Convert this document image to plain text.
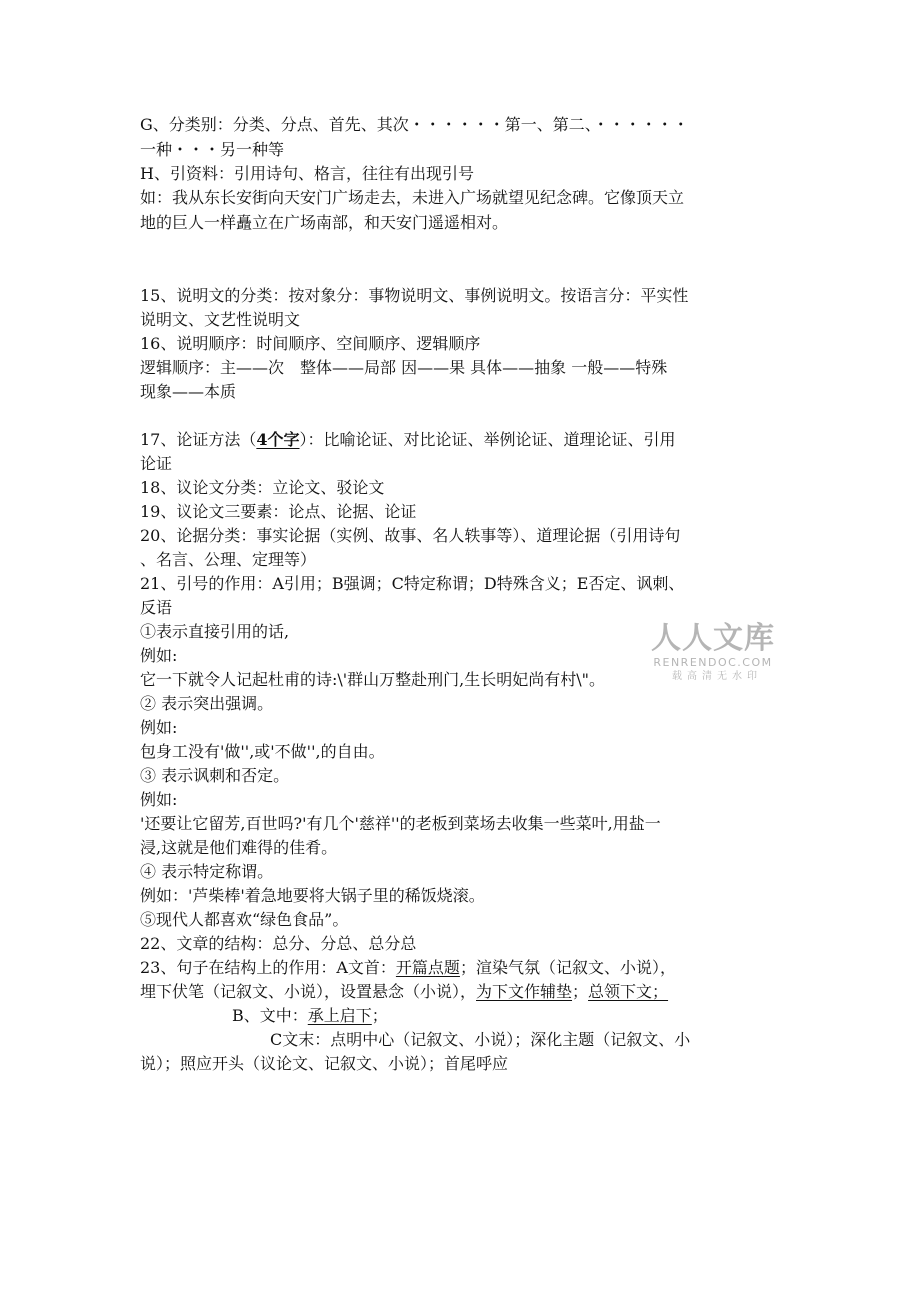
G、分类别：分类、分点、首先、其次・・・・・・第一、第二、・・・・・・
一种・・・另一种等
H、引资料：引用诗句、格言，往往有出现引号
如：我从东长安街向天安门广场走去，未进入广场就望见纪念碑。它像顶天立
地的巨人一样矗立在广场南部，和天安门遥遥相对。
15、说明文的分类：按对象分：事物说明文、事例说明文。按语言分：平实性
说明文、文艺性说明文
16、说明顺序：时间顺序、空间顺序、逻辑顺序
逻辑顺序：主——次　整体——局部 因——果 具体——抽象 一般——特殊
现象——本质
17、论证方法（4个字）：比喻论证、对比论证、举例论证、道理论证、引用
论证
18、议论文分类：立论文、驳论文
19、议论文三要素：论点、论据、论证
20、论据分类：事实论据（实例、故事、名人轶事等）、道理论据（引用诗句
、名言、公理、定理等）
21、引号的作用：A引用；B强调；C特定称谓；D特殊含义；E否定、讽刺、
反语
①表示直接引用的话,
例如:
它一下就令人记起杜甫的诗:\'群山万整赴刑门,生长明妃尚有村\"。
② 表示突出强调。
例如:
包身工没有'做'',或'不做'',的自由。
③ 表示讽刺和否定。
例如:
'还要让它留芳,百世吗?'有几个'慈祥''的老板到菜场去收集一些菜叶,用盐一
浸,这就是他们难得的佳肴。
④ 表示特定称谓。
例如：'芦柴棒'着急地要将大锅子里的稀饭烧滚。
⑤现代人都喜欢“绿色食品”。
22、文章的结构：总分、分总、总分总
23、句子在结构上的作用：A文首：开篇点题；渲染气氛（记叙文、小说），
埋下伏笔（记叙文、小说），设置悬念（小说），为下文作辅垫；总领下文；
B、文中：承上启下；
C文末：点明中心（记叙文、小说）；深化主题（记叙文、小
说）；照应开头（议论文、记叙文、小说）；首尾呼应
人人文库
RENRENDOC.COM
载高清无水印
